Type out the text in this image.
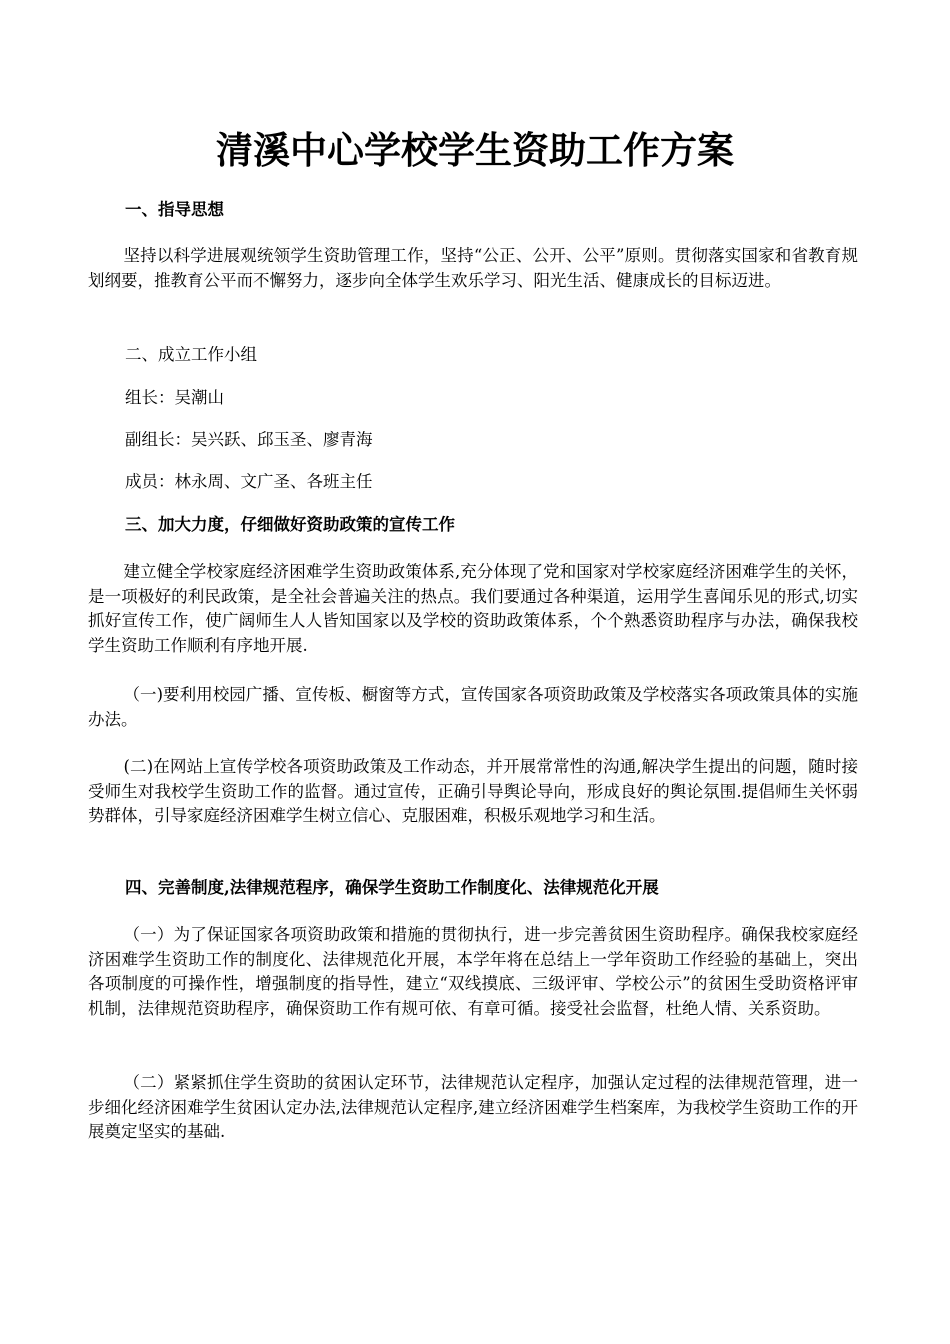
清溪中心学校学生资助工作方案

一、指导思想

坚持以科学进展观统领学生资助管理工作，坚持“公正、公开、公平”原则。贯彻落实国家和省教育规划纲要，推教育公平而不懈努力，逐步向全体学生欢乐学习、阳光生活、健康成长的目标迈进。

二、成立工作小组

组长：吴潮山

副组长：吴兴跃、邱玉圣、廖青海

成员：林永周、文广圣、各班主任

三、加大力度，仔细做好资助政策的宣传工作

建立健全学校家庭经济困难学生资助政策体系,充分体现了党和国家对学校家庭经济困难学生的关怀，是一项极好的利民政策，是全社会普遍关注的热点。我们要通过各种渠道，运用学生喜闻乐见的形式,切实抓好宣传工作，使广阔师生人人皆知国家以及学校的资助政策体系，个个熟悉资助程序与办法，确保我校学生资助工作顺利有序地开展.

（一)要利用校园广播、宣传板、橱窗等方式，宣传国家各项资助政策及学校落实各项政策具体的实施办法。

(二)在网站上宣传学校各项资助政策及工作动态，并开展常常性的沟通,解决学生提出的问题，随时接受师生对我校学生资助工作的监督。通过宣传，正确引导舆论导向，形成良好的舆论氛围.提倡师生关怀弱势群体，引导家庭经济困难学生树立信心、克服困难，积极乐观地学习和生活。

四、完善制度,法律规范程序，确保学生资助工作制度化、法律规范化开展

（一）为了保证国家各项资助政策和措施的贯彻执行，进一步完善贫困生资助程序。确保我校家庭经济困难学生资助工作的制度化、法律规范化开展，本学年将在总结上一学年资助工作经验的基础上，突出各项制度的可操作性，增强制度的指导性，建立“双线摸底、三级评审、学校公示”的贫困生受助资格评审机制，法律规范资助程序，确保资助工作有规可依、有章可循。接受社会监督，杜绝人情、关系资助。

（二）紧紧抓住学生资助的贫困认定环节，法律规范认定程序，加强认定过程的法律规范管理，进一步细化经济困难学生贫困认定办法,法律规范认定程序,建立经济困难学生档案库，为我校学生资助工作的开展奠定坚实的基础.
